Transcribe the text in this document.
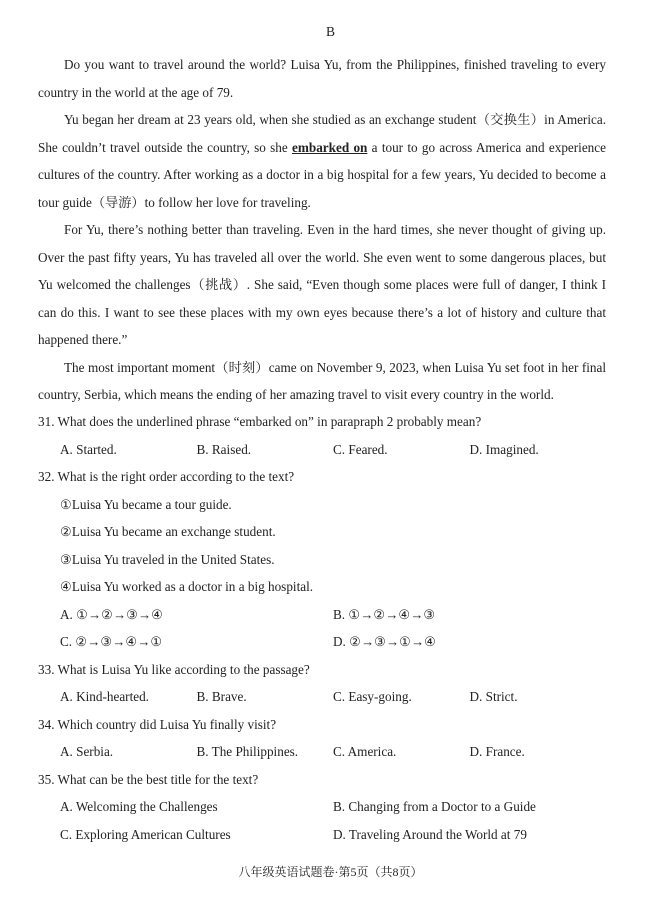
B

Do you want to travel around the world? Luisa Yu, from the Philippines, finished traveling to every country in the world at the age of 79.

Yu began her dream at 23 years old, when she studied as an exchange student（交换生）in America. She couldn’t travel outside the country, so she embarked on a tour to go across America and experience cultures of the country. After working as a doctor in a big hospital for a few years, Yu decided to become a tour guide（导游）to follow her love for traveling.

For Yu, there’s nothing better than traveling. Even in the hard times, she never thought of giving up. Over the past fifty years, Yu has traveled all over the world. She even went to some dangerous places, but Yu welcomed the challenges（挑战）. She said, “Even though some places were full of danger, I think I can do this. I want to see these places with my own eyes because there’s a lot of history and culture that happened there.”

The most important moment（时刻）came on November 9, 2023, when Luisa Yu set foot in her final country, Serbia, which means the ending of her amazing travel to visit every country in the world.

31. What does the underlined phrase “embarked on” in parapraph 2 probably mean?
A. Started.	B. Raised.	C. Feared.	D. Imagined.
32. What is the right order according to the text?
①Luisa Yu became a tour guide.
②Luisa Yu became an exchange student.
③Luisa Yu traveled in the United States.
④Luisa Yu worked as a doctor in a big hospital.
A. ①→②→③→④	B. ①→②→④→③
C. ②→③→④→①	D. ②→③→①→④
33. What is Luisa Yu like according to the passage?
A. Kind-hearted.	B. Brave.	C. Easy-going.	D. Strict.
34. Which country did Luisa Yu finally visit?
A. Serbia.	B. The Philippines.	C. America.	D. France.
35. What can be the best title for the text?
A. Welcoming the Challenges	B. Changing from a Doctor to a Guide
C. Exploring American Cultures	D. Traveling Around the World at 79
八年级英语试题卷·第5页（共8页）
